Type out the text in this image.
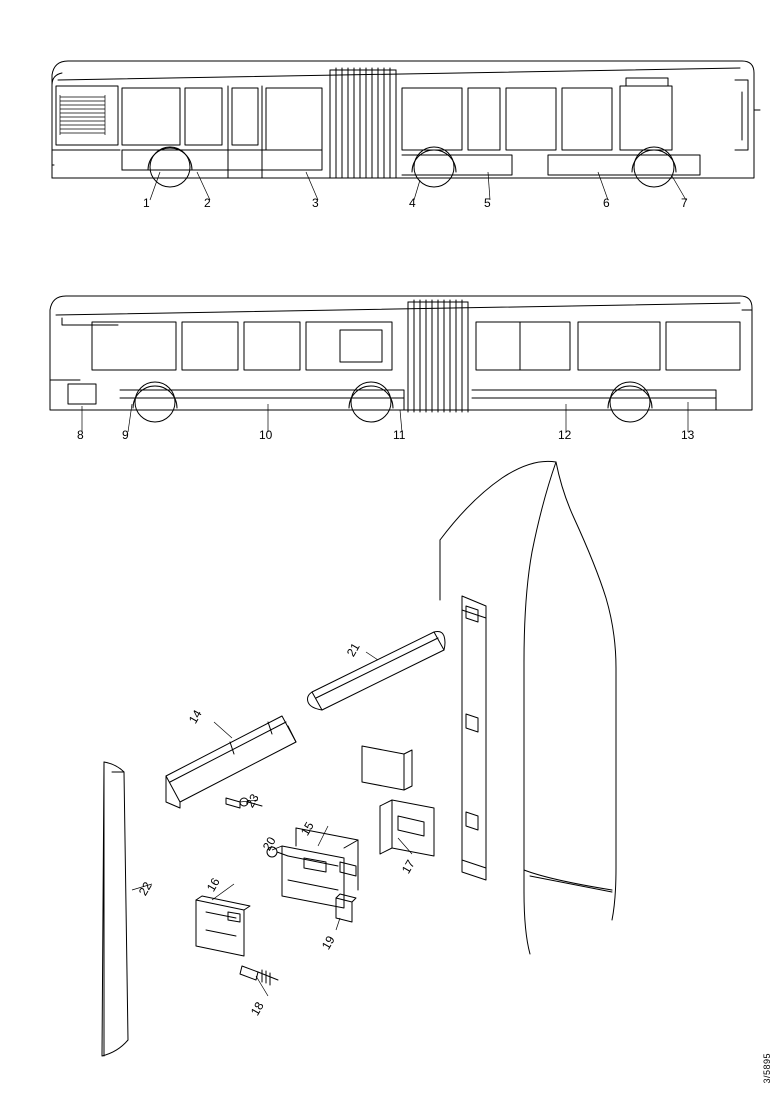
1	2	3	4	5	6	7
8	9	10	11	12	13
14
21
23
20
15
17
16
19
18
22
3/5895
